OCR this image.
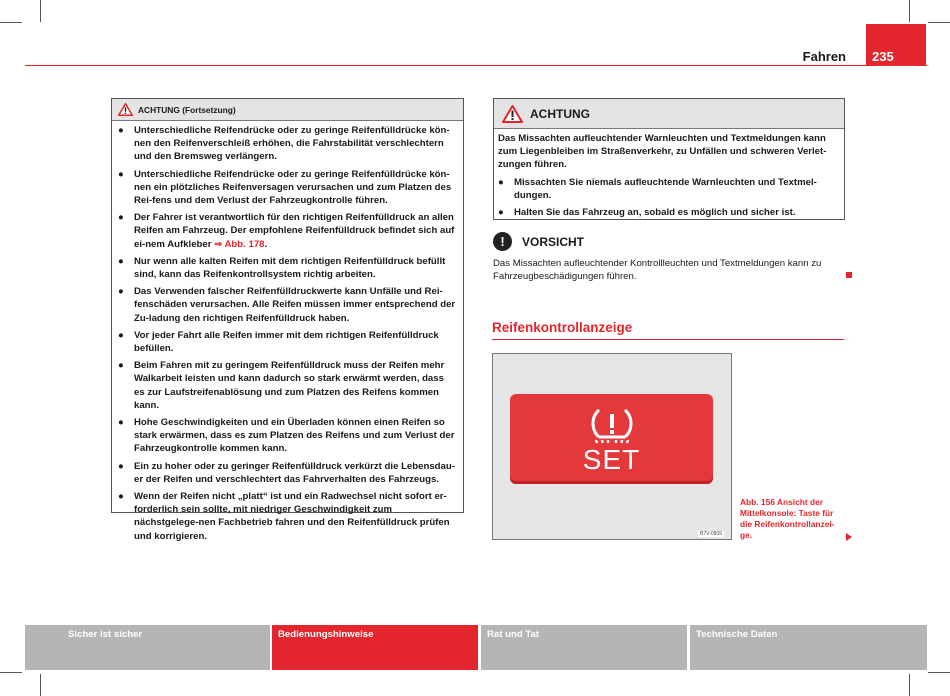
Fahren	235
ACHTUNG (Fortsetzung)
●	Unterschiedliche Reifendrücke oder zu geringe Reifenfülldrücke kön-nen den Reifenverschleiß erhöhen, die Fahrstabilität verschlechtern und den Bremsweg verlängern.
●	Unterschiedliche Reifendrücke oder zu geringe Reifenfülldrücke kön-nen ein plötzliches Reifenversagen verursachen und zum Platzen des Rei-fens und dem Verlust der Fahrzeugkontrolle führen.
●	Der Fahrer ist verantwortlich für den richtigen Reifenfülldruck an allen Reifen am Fahrzeug. Der empfohlene Reifenfülldruck befindet sich auf ei-nem Aufkleber ⇒ Abb. 178.
●	Nur wenn alle kalten Reifen mit dem richtigen Reifenfülldruck befüllt sind, kann das Reifenkontrollsystem richtig arbeiten.
●	Das Verwenden falscher Reifenfülldruckwerte kann Unfälle und Rei-fenschäden verursachen. Alle Reifen müssen immer entsprechend der Zu-ladung den richtigen Reifenfülldruck haben.
●	Vor jeder Fahrt alle Reifen immer mit dem richtigen Reifenfülldruck befüllen.
●	Beim Fahren mit zu geringem Reifenfülldruck muss der Reifen mehr Walkarbeit leisten und kann dadurch so stark erwärmt werden, dass es zur Laufstreifenablösung und zum Platzen des Reifens kommen kann.
●	Hohe Geschwindigkeiten und ein Überladen können einen Reifen so stark erwärmen, dass es zum Platzen des Reifens und zum Verlust der Fahrzeugkontrolle kommen kann.
●	Ein zu hoher oder zu geringer Reifenfülldruck verkürzt die Lebensdau-er der Reifen und verschlechtert das Fahrverhalten des Fahrzeugs.
●	Wenn der Reifen nicht „platt“ ist und ein Radwechsel nicht sofort er-forderlich sein sollte, mit niedriger Geschwindigkeit zum nächstgelege-nen Fachbetrieb fahren und den Reifenfülldruck prüfen und korrigieren.
ACHTUNG
Das Missachten aufleuchtender Warnleuchten und Textmeldungen kann zum Liegenbleiben im Straßenverkehr, zu Unfällen und schweren Verlet-zungen führen.
●	Missachten Sie niemals aufleuchtende Warnleuchten und Textmel-dungen.
●	Halten Sie das Fahrzeug an, sobald es möglich und sicher ist.
!	VORSICHT
Das Missachten aufleuchtender Kontrollleuchten und Textmeldungen kann zu Fahrzeugbeschädigungen führen.
Reifenkontrollanzeige
SET
B7V-0509
Abb. 156 Ansicht der Mittelkonsole: Taste für die Reifenkontrollanzei-ge.
Sicher ist sicher	Bedienungshinweise	Rat und Tat	Technische Daten
